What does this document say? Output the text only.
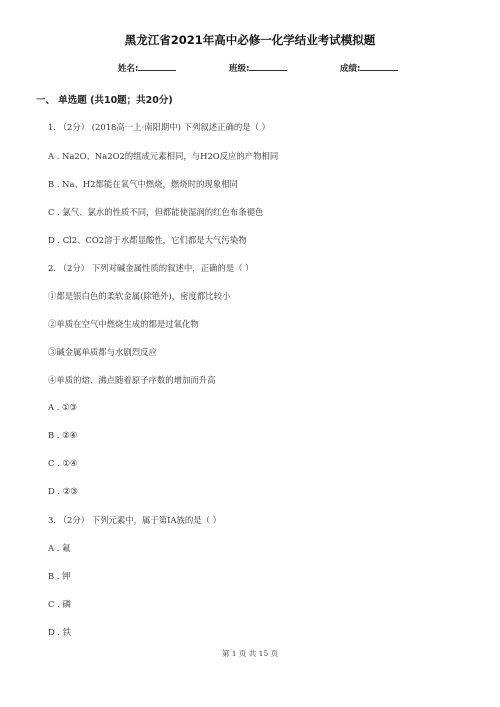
黑龙江省2021年高中必修一化学结业考试模拟题
姓名:	班级:	成绩:
一、 单选题 (共10题；共20分)
1. （2分） (2018高一上·南阳期中) 下列叙述正确的是（ ）
A . Na2O、Na2O2的组成元素相同，与H2O反应的产物相同
B . Na、H2都能在氧气中燃烧，燃烧时的现象相同
C . 氯气、氯水的性质不同，但都能使湿润的红色布条褪色
D . Cl2、CO2溶于水都显酸性，它们都是大气污染物
2. （2分） 下列对碱金属性质的叙述中，正确的是（ ）
①都是银白色的柔软金属(除铯外)，密度都比较小
②单质在空气中燃烧生成的都是过氧化物
③碱金属单质都与水剧烈反应
④单质的熔、沸点随着原子序数的增加而升高
A . ①③
B . ②④
C . ①④
D . ②③
3. （2分） 下列元素中，属于第ⅠA族的是（ ）
A . 氟
B . 钾
C . 磷
D . 铁
第 1 页 共 15 页
